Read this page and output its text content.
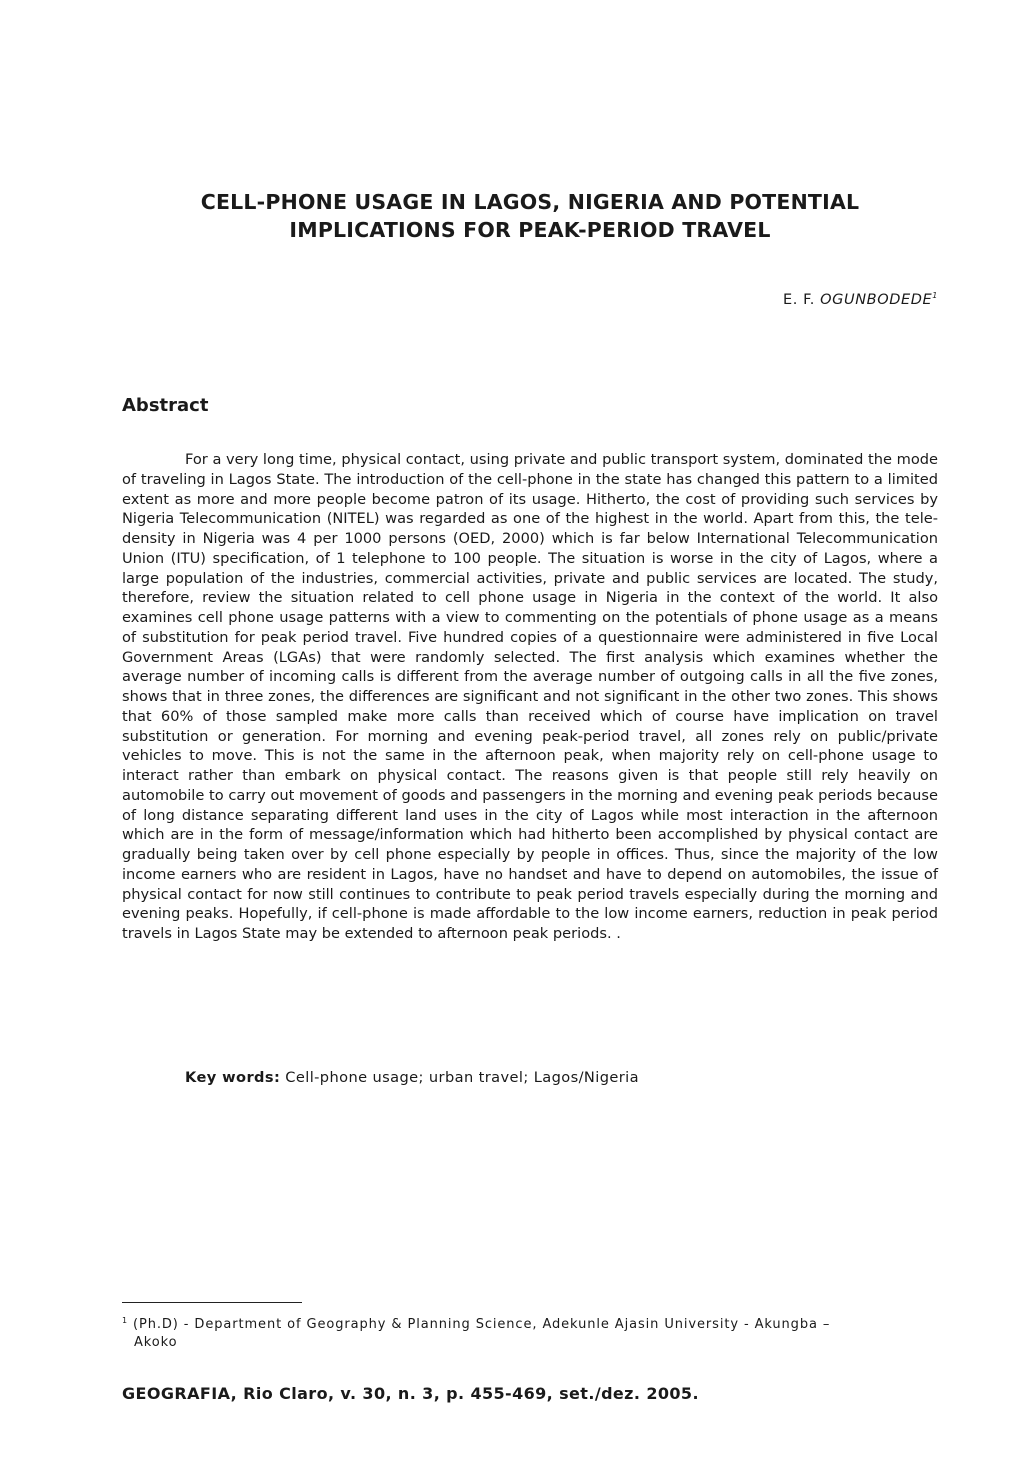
CELL-PHONE USAGE IN LAGOS, NIGERIA AND POTENTIAL
IMPLICATIONS FOR PEAK-PERIOD TRAVEL
E. F. OGUNBODEDE$^1$
Abstract

For a very long time, physical contact, using private and public transport system, dominated the mode of traveling in Lagos State. The introduction of the cell-phone in the state has changed this pattern to a limited extent as more and more people become patron of its usage. Hitherto, the cost of providing such services by Nigeria Telecommunication (NITEL) was regarded as one of the highest in the world. Apart from this, the tele-density in Nigeria was 4 per 1000 persons (OED, 2000) which is far below International Telecommunication Union (ITU) specification, of 1 telephone to 100 people. The situation is worse in the city of Lagos, where a large population of the industries, commercial activities, private and public services are located. The study, therefore, review the situation related to cell phone usage in Nigeria in the context of the world. It also examines cell phone usage patterns with a view to commenting on the potentials of phone usage as a means of substitution for peak period travel. Five hundred copies of a questionnaire were administered in five Local Government Areas (LGAs) that were randomly selected. The first analysis which examines whether the average number of incoming calls is different from the average number of outgoing calls in all the five zones, shows that in three zones, the differences are significant and not significant in the other two zones. This shows that 60% of those sampled make more calls than received which of course have implication on travel substitution or generation. For morning and evening peak-period travel, all zones rely on public/private vehicles to move. This is not the same in the afternoon peak, when majority rely on cell-phone usage to interact rather than embark on physical contact. The reasons given is that people still rely heavily on automobile to carry out movement of goods and passengers in the morning and evening peak periods because of long distance separating different land uses in the city of Lagos while most interaction in the afternoon which are in the form of message/information which had hitherto been accomplished by physical contact are gradually being taken over by cell phone especially by people in offices. Thus, since the majority of the low income earners who are resident in Lagos, have no handset and have to depend on automobiles, the issue of physical contact for now still continues to contribute to peak period travels especially during the morning and evening peaks. Hopefully, if cell-phone is made affordable to the low income earners, reduction in peak period travels in Lagos State may be extended to afternoon peak periods. .

Key words: Cell-phone usage; urban travel; Lagos/Nigeria
$^1$ (Ph.D) - Department of Geography & Planning Science, Adekunle Ajasin University - Akungba –
Akoko
GEOGRAFIA, Rio Claro, v. 30, n. 3, p. 455-469, set./dez. 2005.
